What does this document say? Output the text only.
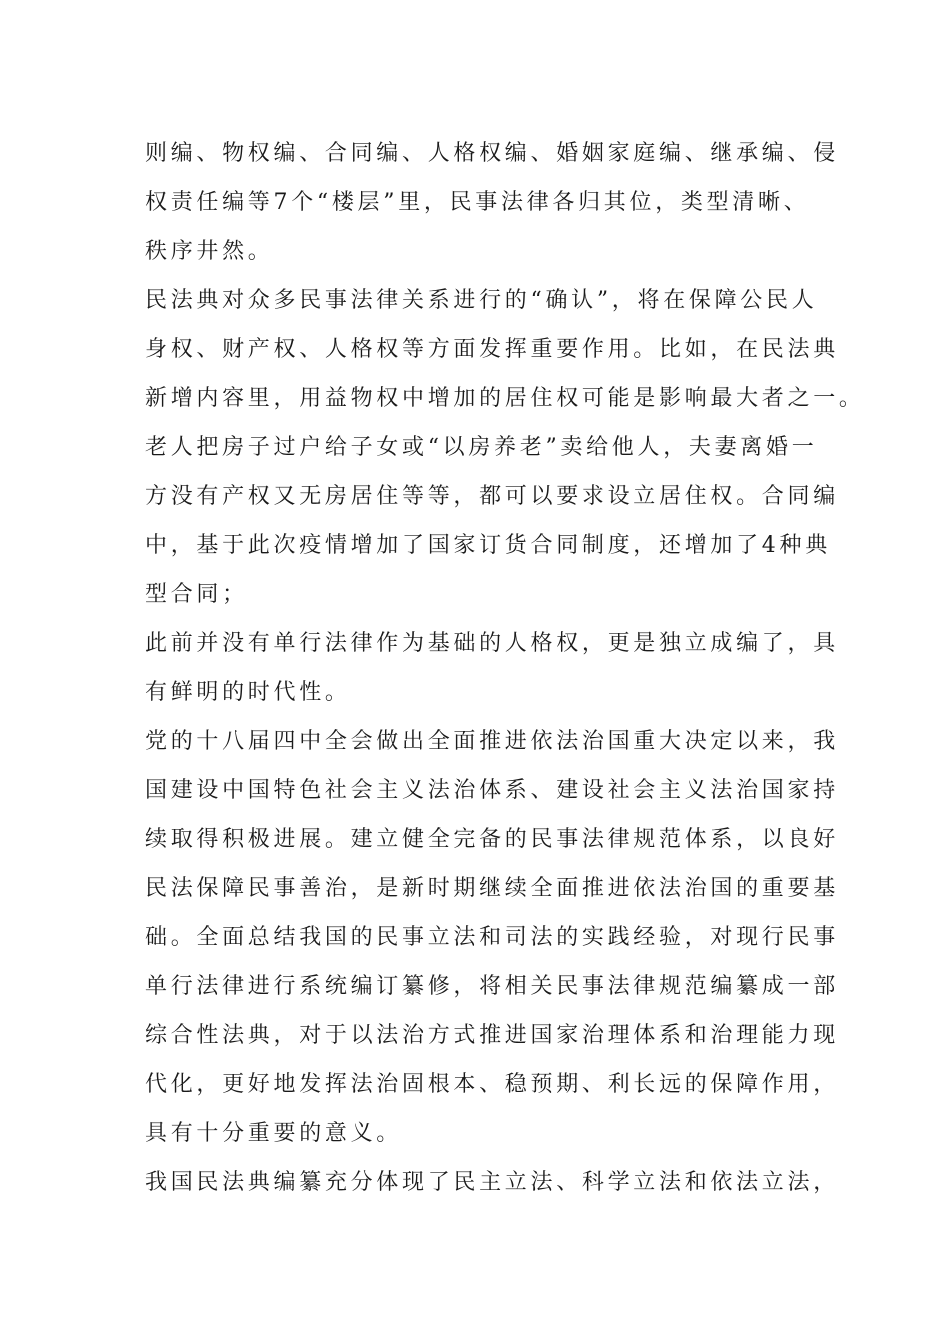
则编、物权编、合同编、人格权编、婚姻家庭编、继承编、侵
权责任编等7个“楼层”里，民事法律各归其位，类型清晰、
秩序井然。

民法典对众多民事法律关系进行的“确认”，将在保障公民人
身权、财产权、人格权等方面发挥重要作用。比如，在民法典
新增内容里，用益物权中增加的居住权可能是影响最大者之一。
老人把房子过户给子女或“以房养老”卖给他人，夫妻离婚一
方没有产权又无房居住等等，都可以要求设立居住权。合同编
中，基于此次疫情增加了国家订货合同制度，还增加了4种典
型合同；

此前并没有单行法律作为基础的人格权，更是独立成编了，具
有鲜明的时代性。

党的十八届四中全会做出全面推进依法治国重大决定以来，我
国建设中国特色社会主义法治体系、建设社会主义法治国家持
续取得积极进展。建立健全完备的民事法律规范体系，以良好
民法保障民事善治，是新时期继续全面推进依法治国的重要基
础。全面总结我国的民事立法和司法的实践经验，对现行民事
单行法律进行系统编订纂修，将相关民事法律规范编纂成一部
综合性法典，对于以法治方式推进国家治理体系和治理能力现
代化，更好地发挥法治固根本、稳预期、利长远的保障作用，
具有十分重要的意义。

我国民法典编纂充分体现了民主立法、科学立法和依法立法，
